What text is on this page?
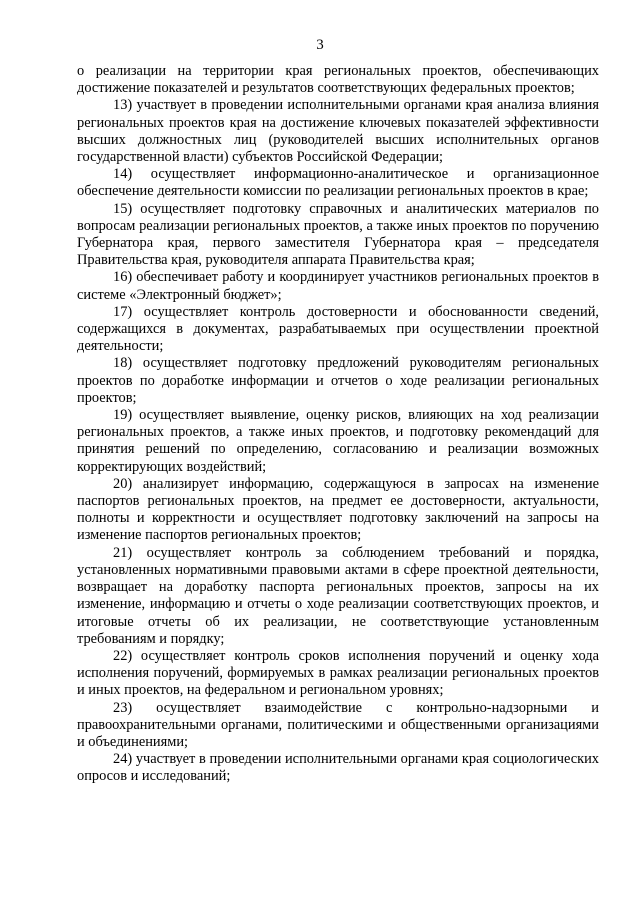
3

о реализации на территории края региональных проектов, обеспечивающих достижение показателей и результатов соответствующих федеральных проектов;

13) участвует в проведении исполнительными органами края анализа влияния региональных проектов края на достижение ключевых показателей эффективности высших должностных лиц (руководителей высших исполнительных органов государственной власти) субъектов Российской Федерации;

14) осуществляет информационно-аналитическое и организационное обеспечение деятельности комиссии по реализации региональных проектов в крае;

15) осуществляет подготовку справочных и аналитических материалов по вопросам реализации региональных проектов, а также иных проектов по поручению Губернатора края, первого заместителя Губернатора края – председателя Правительства края, руководителя аппарата Правительства края;

16) обеспечивает работу и координирует участников региональных проектов в системе «Электронный бюджет»;

17) осуществляет контроль достоверности и обоснованности сведений, содержащихся в документах, разрабатываемых при осуществлении проектной деятельности;

18) осуществляет подготовку предложений руководителям региональных проектов по доработке информации и отчетов о ходе реализации региональных проектов;

19) осуществляет выявление, оценку рисков, влияющих на ход реализации региональных проектов, а также иных проектов, и подготовку рекомендаций для принятия решений по определению, согласованию и реализации возможных корректирующих воздействий;

20) анализирует информацию, содержащуюся в запросах на изменение паспортов региональных проектов, на предмет ее достоверности, актуальности, полноты и корректности и осуществляет подготовку заключений на запросы на изменение паспортов региональных проектов;

21) осуществляет контроль за соблюдением требований и порядка, установленных нормативными правовыми актами в сфере проектной деятельности, возвращает на доработку паспорта региональных проектов, запросы на их изменение, информацию и отчеты о ходе реализации соответствующих проектов, и итоговые отчеты об их реализации, не соответствующие установленным требованиям и порядку;

22) осуществляет контроль сроков исполнения поручений и оценку хода исполнения поручений, формируемых в рамках реализации региональных проектов и иных проектов, на федеральном и региональном уровнях;

23) осуществляет взаимодействие с контрольно-надзорными и правоохранительными органами, политическими и общественными организациями и объединениями;

24) участвует в проведении исполнительными органами края социологических опросов и исследований;
